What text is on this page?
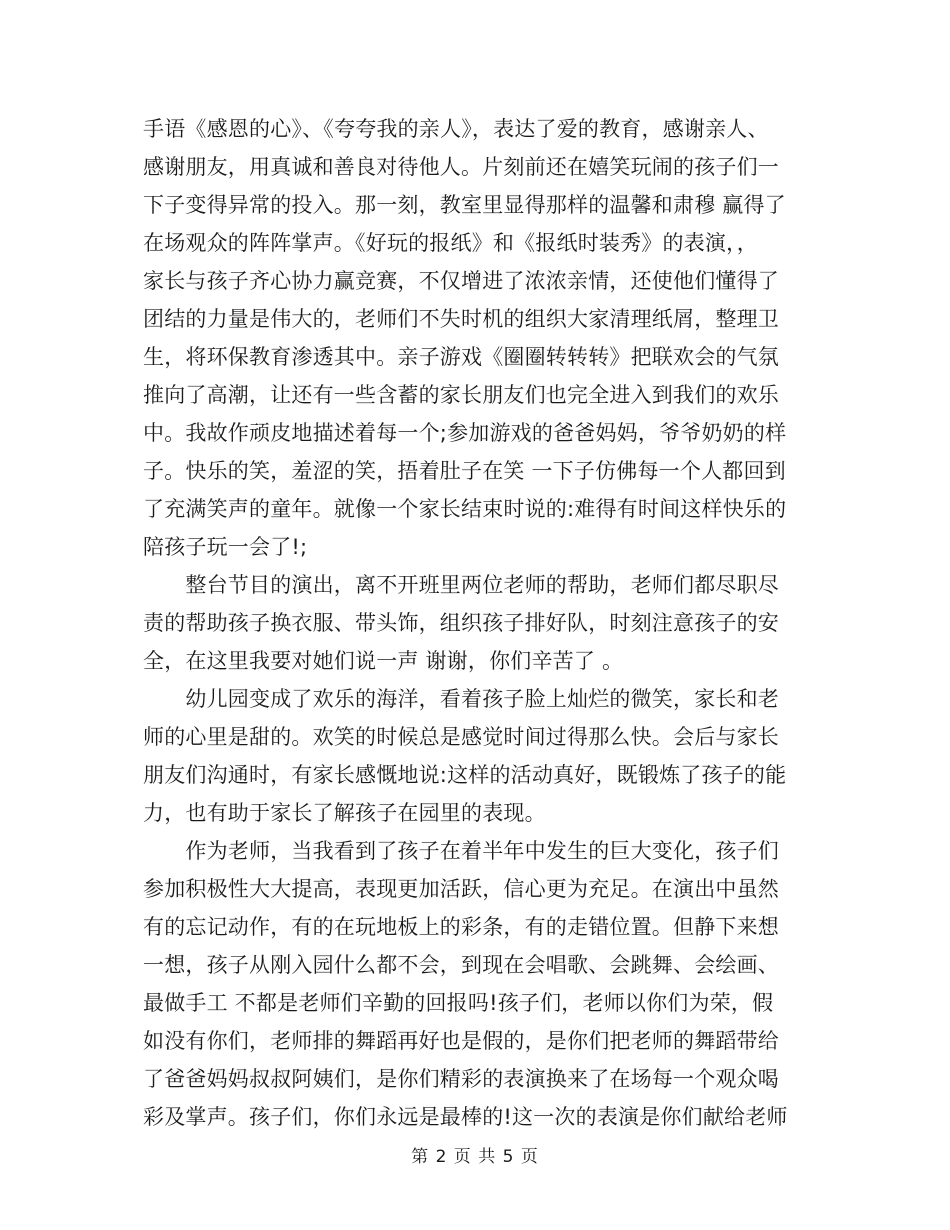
手语《感恩的心》、《夸夸我的亲人》，表达了爱的教育，感谢亲人、
感谢朋友，用真诚和善良对待他人。片刻前还在嬉笑玩闹的孩子们一
下子变得异常的投入。那一刻，教室里显得那样的温馨和肃穆 赢得了
在场观众的阵阵掌声。《好玩的报纸》和《报纸时装秀》的表演，，
家长与孩子齐心协力赢竞赛，不仅增进了浓浓亲情，还使他们懂得了
团结的力量是伟大的，老师们不失时机的组织大家清理纸屑，整理卫
生，将环保教育渗透其中。亲子游戏《圈圈转转转》把联欢会的气氛
推向了高潮，让还有一些含蓄的家长朋友们也完全进入到我们的欢乐
中。我故作顽皮地描述着每一个;参加游戏的爸爸妈妈，爷爷奶奶的样
子。快乐的笑，羞涩的笑，捂着肚子在笑 一下子仿佛每一个人都回到
了充满笑声的童年。就像一个家长结束时说的:难得有时间这样快乐的
陪孩子玩一会了!;
　　整台节目的演出，离不开班里两位老师的帮助，老师们都尽职尽
责的帮助孩子换衣服、带头饰，组织孩子排好队，时刻注意孩子的安
全，在这里我要对她们说一声 谢谢，你们辛苦了 。
　　幼儿园变成了欢乐的海洋，看着孩子脸上灿烂的微笑，家长和老
师的心里是甜的。欢笑的时候总是感觉时间过得那么快。会后与家长
朋友们沟通时，有家长感慨地说:这样的活动真好，既锻炼了孩子的能
力，也有助于家长了解孩子在园里的表现。
　　作为老师，当我看到了孩子在着半年中发生的巨大变化，孩子们
参加积极性大大提高，表现更加活跃，信心更为充足。在演出中虽然
有的忘记动作，有的在玩地板上的彩条，有的走错位置。但静下来想
一想，孩子从刚入园什么都不会，到现在会唱歌、会跳舞、会绘画、
最做手工 不都是老师们辛勤的回报吗!孩子们，老师以你们为荣，假
如没有你们，老师排的舞蹈再好也是假的，是你们把老师的舞蹈带给
了爸爸妈妈叔叔阿姨们，是你们精彩的表演换来了在场每一个观众喝
彩及掌声。孩子们，你们永远是最棒的!这一次的表演是你们献给老师
第 2 页 共 5 页
